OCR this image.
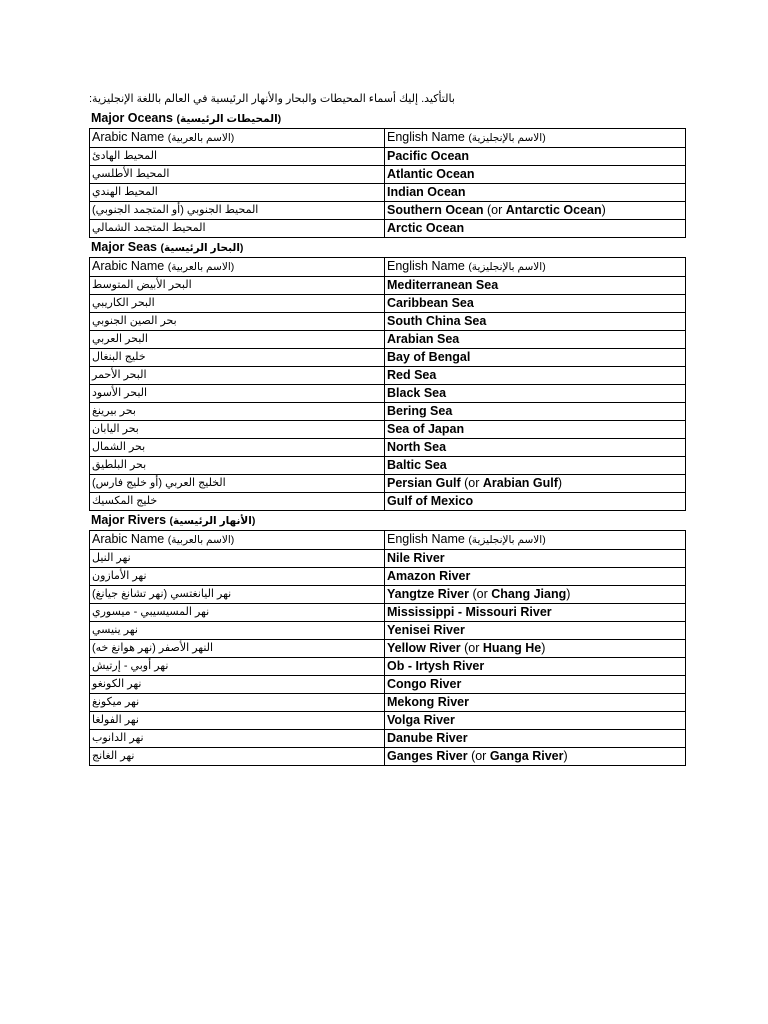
بالتأكيد. إليك أسماء المحيطات والبحار والأنهار الرئيسية في العالم باللغة الإنجليزية:
Major Oceans (المحيطات الرئيسية)
Arabic Name (الاسم بالعربية)	English Name (الاسم بالإنجليزية)
المحيط الهادئ	Pacific Ocean
المحيط الأطلسي	Atlantic Ocean
المحيط الهندي	Indian Ocean
المحيط الجنوبي (أو المتجمد الجنوبي)	Southern Ocean (or Antarctic Ocean)
المحيط المتجمد الشمالي	Arctic Ocean
Major Seas (البحار الرئيسية)
Arabic Name (الاسم بالعربية)	English Name (الاسم بالإنجليزية)
البحر الأبيض المتوسط	Mediterranean Sea
البحر الكاريبي	Caribbean Sea
بحر الصين الجنوبي	South China Sea
البحر العربي	Arabian Sea
خليج البنغال	Bay of Bengal
البحر الأحمر	Red Sea
البحر الأسود	Black Sea
بحر بيرينغ	Bering Sea
بحر اليابان	Sea of Japan
بحر الشمال	North Sea
بحر البلطيق	Baltic Sea
الخليج العربي (أو خليج فارس)	Persian Gulf (or Arabian Gulf)
خليج المكسيك	Gulf of Mexico
Major Rivers (الأنهار الرئيسية)
Arabic Name (الاسم بالعربية)	English Name (الاسم بالإنجليزية)
نهر النيل	Nile River
نهر الأمازون	Amazon River
نهر اليانغتسي (نهر تشانغ جيانغ)	Yangtze River (or Chang Jiang)
نهر المسيسيبي - ميسوري	Mississippi - Missouri River
نهر ينيسي	Yenisei River
النهر الأصفر (نهر هوانغ خه)	Yellow River (or Huang He)
نهر أوبي - إرتيش	Ob - Irtysh River
نهر الكونغو	Congo River
نهر ميكونغ	Mekong River
نهر الفولغا	Volga River
نهر الدانوب	Danube River
نهر الغانج	Ganges River (or Ganga River)
